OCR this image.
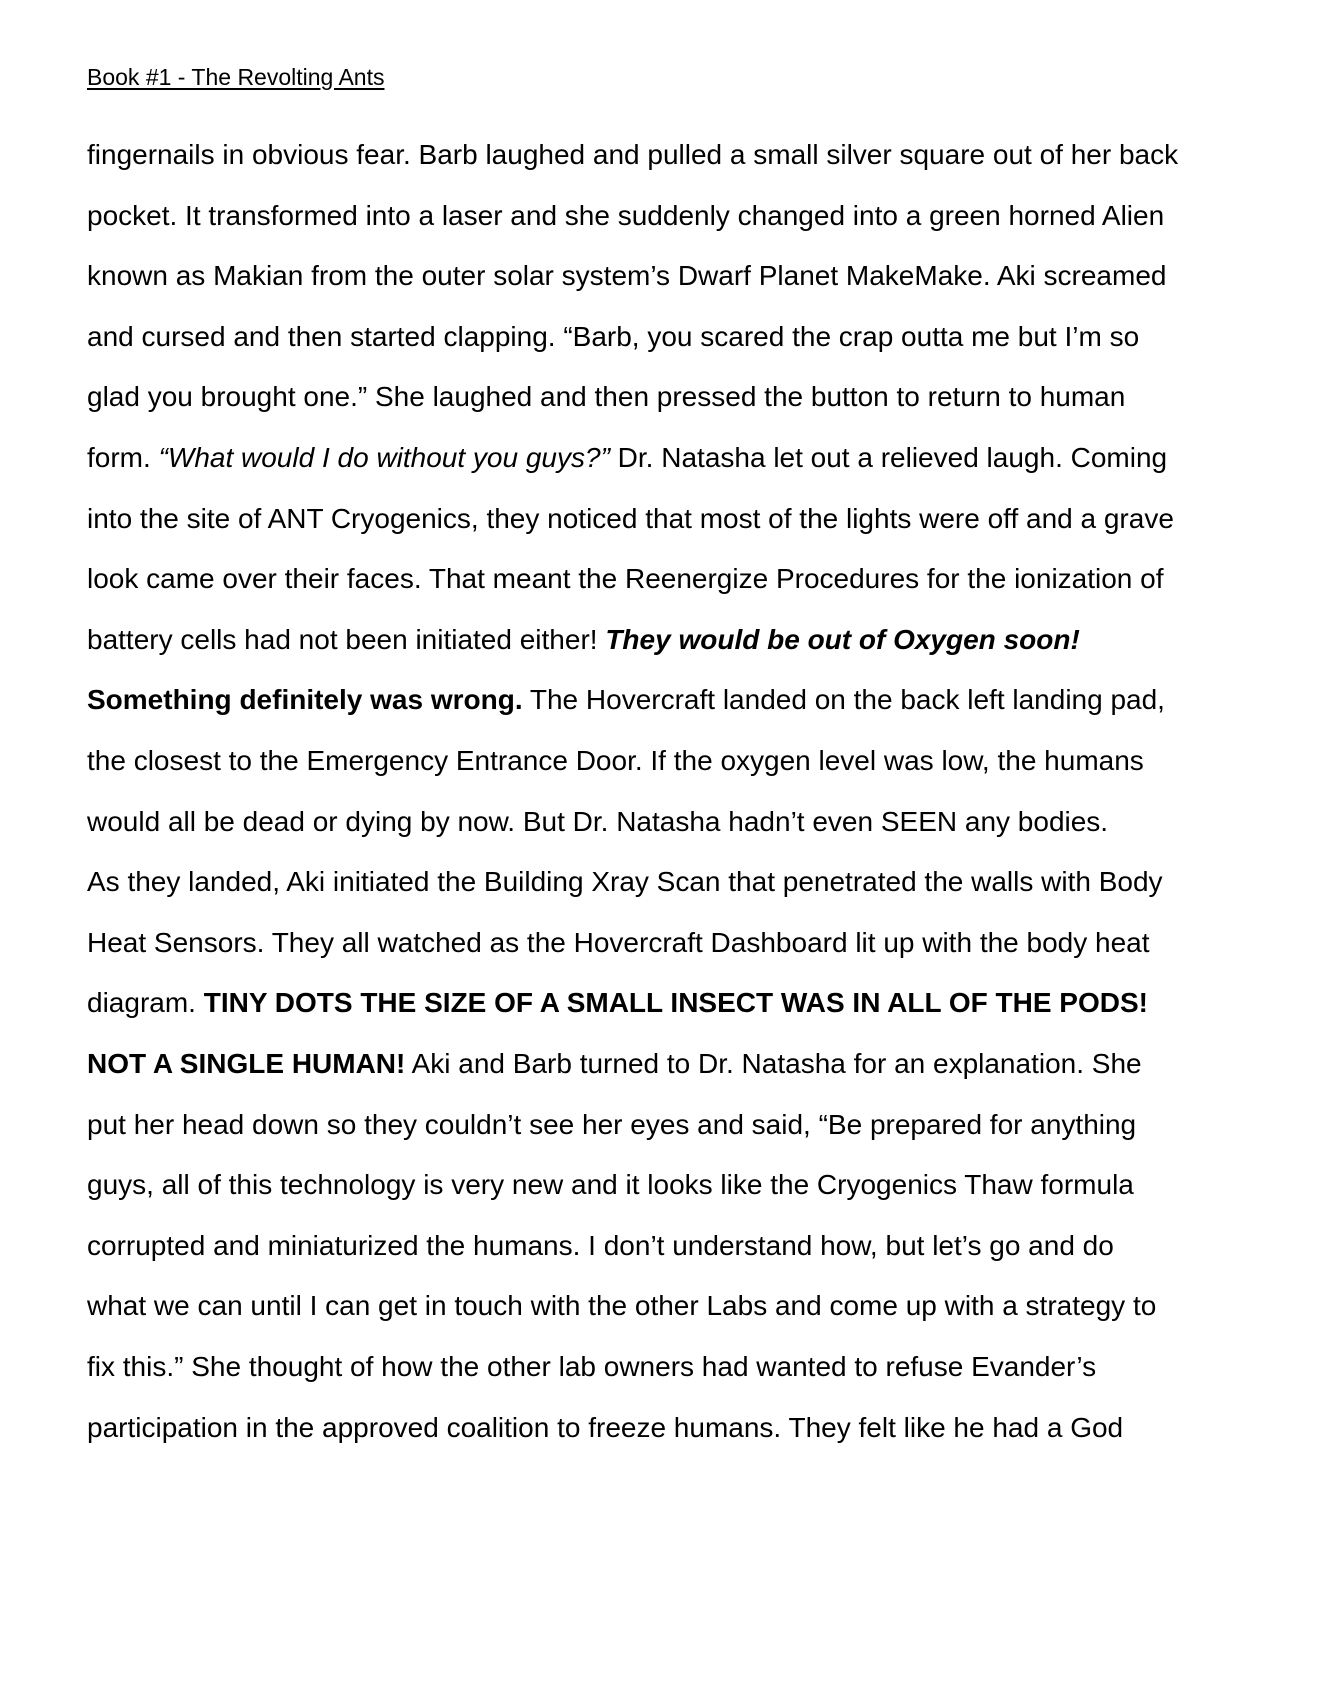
Book #1 - The Revolting Ants
fingernails in obvious fear. Barb laughed and pulled a small silver square out of her back
pocket. It transformed into a laser and she suddenly changed into a green horned Alien
known as Makian from the outer solar system’s Dwarf Planet MakeMake. Aki screamed
and cursed and then started clapping. “Barb, you scared the crap outta me but I’m so
glad you brought one.” She laughed and then pressed the button to return to human
form. “What would I do without you guys?” Dr. Natasha let out a relieved laugh. Coming
into the site of ANT Cryogenics, they noticed that most of the lights were off and a grave
look came over their faces. That meant the Reenergize Procedures for the ionization of
battery cells had not been initiated either! They would be out of Oxygen soon!
Something definitely was wrong. The Hovercraft landed on the back left landing pad,
the closest to the Emergency Entrance Door. If the oxygen level was low, the humans
would all be dead or dying by now. But Dr. Natasha hadn’t even SEEN any bodies.
As they landed, Aki initiated the Building Xray Scan that penetrated the walls with Body
Heat Sensors. They all watched as the Hovercraft Dashboard lit up with the body heat
diagram. TINY DOTS THE SIZE OF A SMALL INSECT WAS IN ALL OF THE PODS!
NOT A SINGLE HUMAN! Aki and Barb turned to Dr. Natasha for an explanation. She
put her head down so they couldn’t see her eyes and said, “Be prepared for anything
guys, all of this technology is very new and it looks like the Cryogenics Thaw formula
corrupted and miniaturized the humans. I don’t understand how, but let’s go and do
what we can until I can get in touch with the other Labs and come up with a strategy to
fix this.” She thought of how the other lab owners had wanted to refuse Evander’s
participation in the approved coalition to freeze humans. They felt like he had a God
